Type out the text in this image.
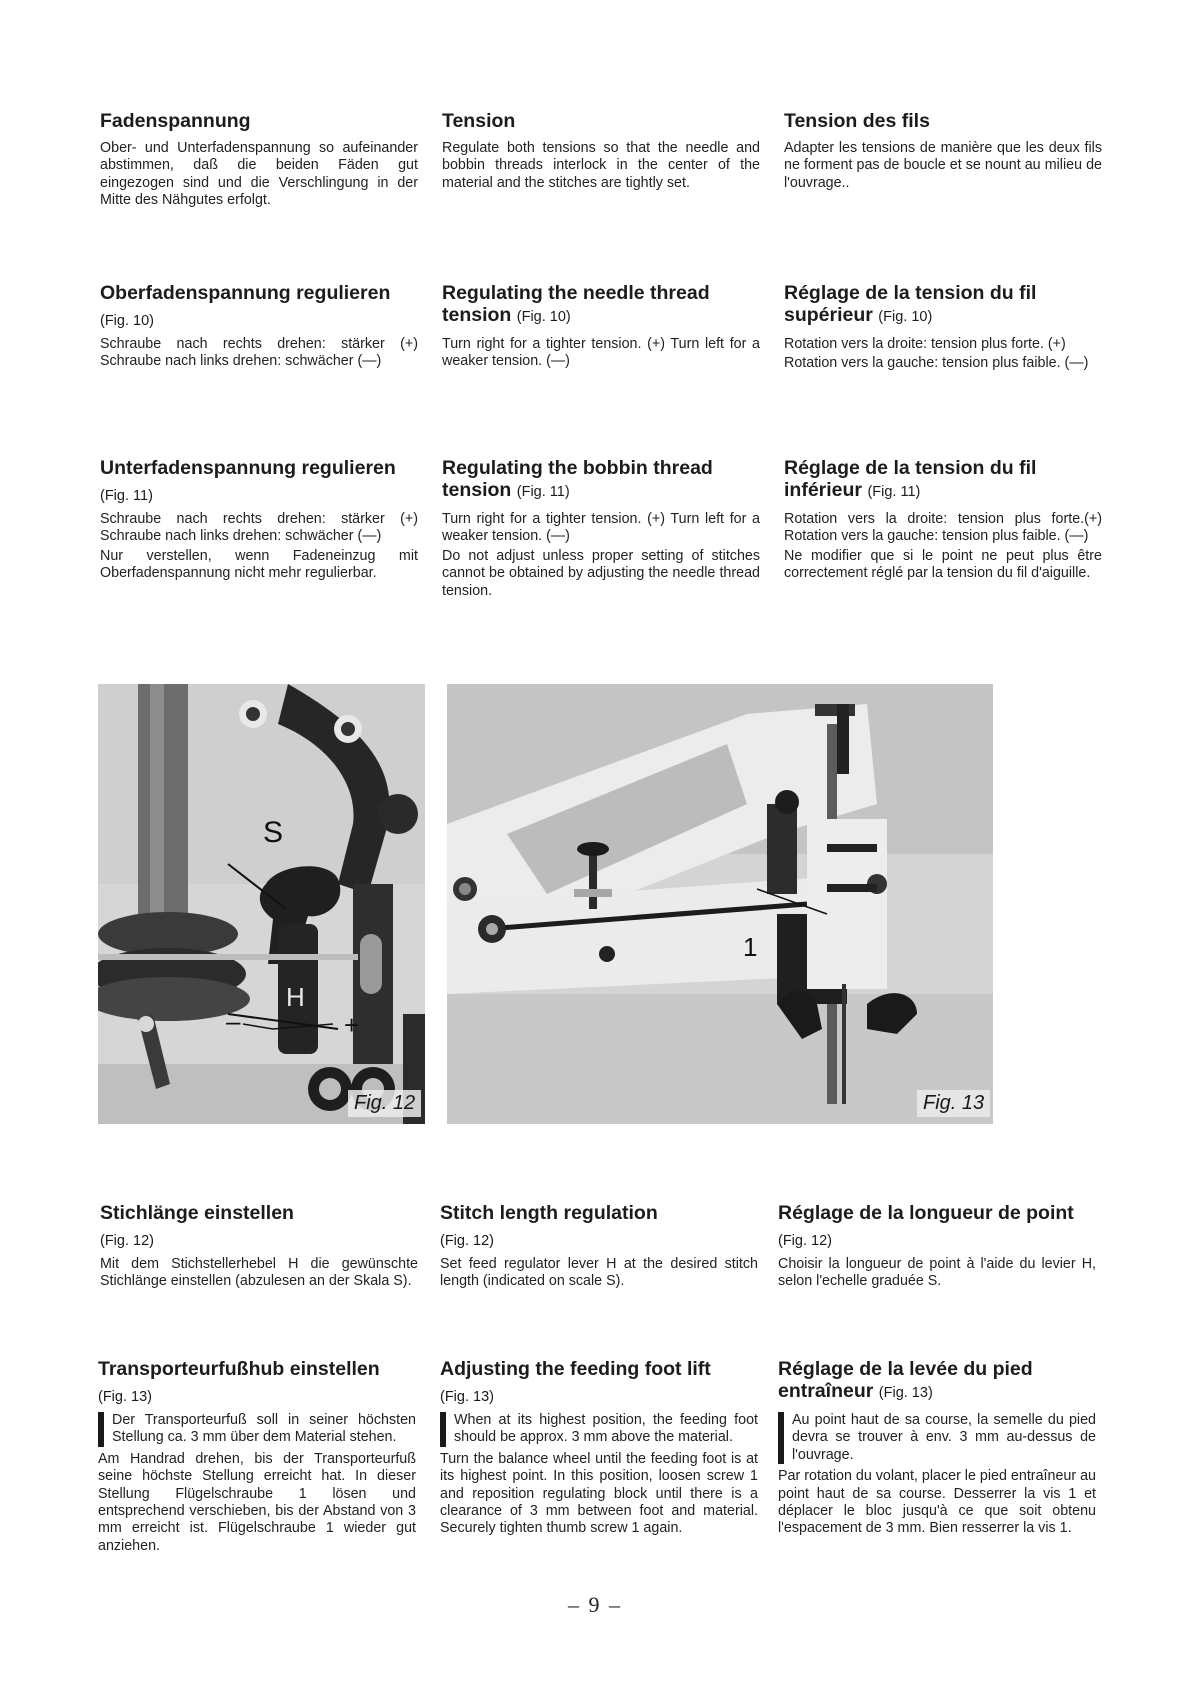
Fadenspannung

Ober- und Unterfadenspannung so aufeinander abstimmen, daß die beiden Fäden gut eingezogen sind und die Verschlingung in der Mitte des Nähgutes erfolgt.

Tension

Regulate both tensions so that the needle and bobbin threads interlock in the center of the material and the stitches are tightly set.

Tension des fils

Adapter les tensions de manière que les deux fils ne forment pas de boucle et se nount au milieu de l'ouvrage..

Oberfadenspannung regulieren
(Fig. 10)

Schraube nach rechts drehen: stärker (+) Schraube nach links drehen: schwächer (—)

Regulating the needle thread tension (Fig. 10)

Turn right for a tighter tension. (+) Turn left for a weaker tension. (—)

Réglage de la tension du fil supérieur (Fig. 10)

Rotation vers la droite: tension plus forte. (+)

Rotation vers la gauche: tension plus faible. (—)

Unterfadenspannung regulieren
(Fig. 11)

Schraube nach rechts drehen: stärker (+) Schraube nach links drehen: schwächer (—)

Nur verstellen, wenn Fadeneinzug mit Oberfadenspannung nicht mehr regulierbar.

Regulating the bobbin thread tension (Fig. 11)

Turn right for a tighter tension. (+) Turn left for a weaker tension. (—)

Do not adjust unless proper setting of stitches cannot be obtained by adjusting the needle thread tension.

Réglage de la tension du fil inférieur (Fig. 11)

Rotation vers la droite: tension plus forte.(+) Rotation vers la gauche: tension plus faible. (—)

Ne modifier que si le point ne peut plus être correctement réglé par la tension du fil d'aiguille.

S
H
–	+
Fig. 12
1
Fig. 13
Stichlänge einstellen
(Fig. 12)

Mit dem Stichstellerhebel H die gewünschte Stichlänge einstellen (abzulesen an der Skala S).

Stitch length regulation
(Fig. 12)

Set feed regulator lever H at the desired stitch length (indicated on scale S).

Réglage de la longueur de point
(Fig. 12)

Choisir la longueur de point à l'aide du levier H, selon l'echelle graduée S.

Transporteurfußhub einstellen
(Fig. 13)

Der Transporteurfuß soll in seiner höchsten Stellung ca. 3 mm über dem Material stehen.

Am Handrad drehen, bis der Transporteurfuß seine höchste Stellung erreicht hat. In dieser Stellung Flügelschraube 1 lösen und entsprechend verschieben, bis der Abstand von 3 mm erreicht ist. Flügelschraube 1 wieder gut anziehen.

Adjusting the feeding foot lift
(Fig. 13)

When at its highest position, the feeding foot should be approx. 3 mm above the material.

Turn the balance wheel until the feeding foot is at its highest point. In this position, loosen screw 1 and reposition regulating block until there is a clearance of 3 mm between foot and material. Securely tighten thumb screw 1 again.

Réglage de la levée du pied entraîneur (Fig. 13)

Au point haut de sa course, la semelle du pied devra se trouver à env. 3 mm au-dessus de l'ouvrage.

Par rotation du volant, placer le pied entraîneur au point haut de sa course. Desserrer la vis 1 et déplacer le bloc jusqu'à ce que soit obtenu l'espacement de 3 mm. Bien resserrer la vis 1.

– 9 –
